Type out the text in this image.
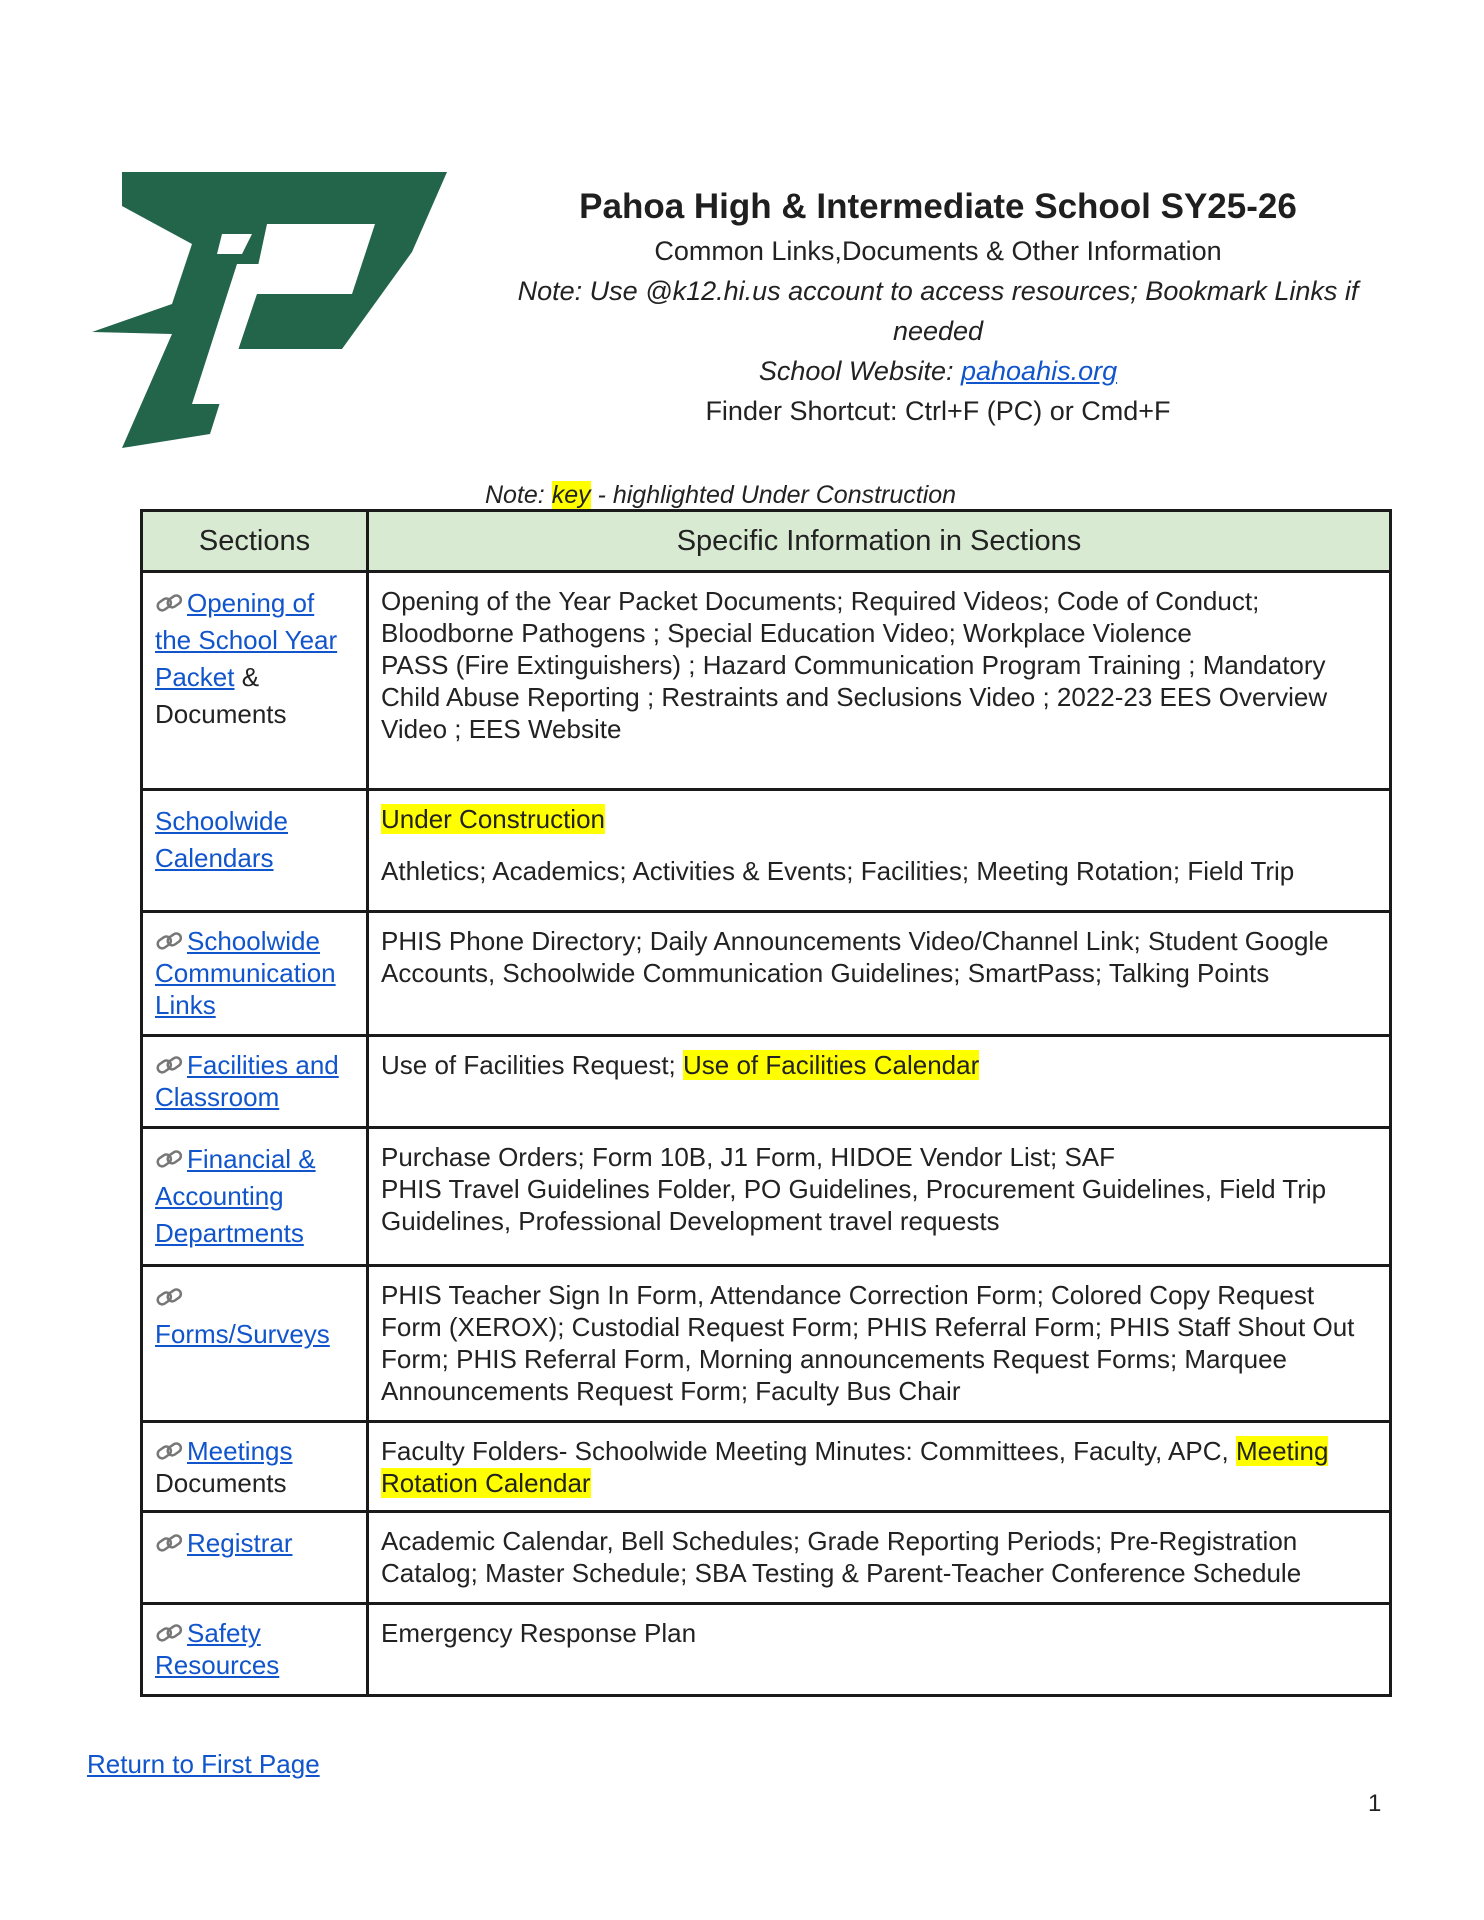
Pahoa High & Intermediate School SY25-26
Common Links,Documents & Other Information
Note: Use @k12.hi.us account to access resources; Bookmark Links if needed
School Website: pahoahis.org
Finder Shortcut: Ctrl+F (PC) or Cmd+F
Note: key - highlighted Under Construction
Sections	Specific Information in Sections
Opening of the School Year Packet & Documents	Opening of the Year Packet Documents; Required Videos; Code of Conduct; Bloodborne Pathogens ; Special Education Video; Workplace Violence
PASS (Fire Extinguishers) ; Hazard Communication Program Training ; Mandatory Child Abuse Reporting ; Restraints and Seclusions Video ; 2022-23 EES Overview Video ; EES Website

Schoolwide Calendars	Under Construction
Athletics; Academics; Activities & Events; Facilities; Meeting Rotation; Field Trip

Schoolwide Communication Links	PHIS Phone Directory; Daily Announcements Video/Channel Link; Student Google Accounts, Schoolwide Communication Guidelines; SmartPass; Talking Points

Facilities and Classroom	Use of Facilities Request; Use of Facilities Calendar
Financial & Accounting Departments	Purchase Orders; Form 10B, J1 Form, HIDOE Vendor List; SAF
PHIS Travel Guidelines Folder, PO Guidelines, Procurement Guidelines, Field Trip Guidelines, Professional Development travel requests

Forms/Surveys	PHIS Teacher Sign In Form, Attendance Correction Form; Colored Copy Request Form (XEROX); Custodial Request Form; PHIS Referral Form; PHIS Staff Shout Out Form; PHIS Referral Form, Morning announcements Request Forms; Marquee Announcements Request Form; Faculty Bus Chair

Meetings
Documents	Faculty Folders- Schoolwide Meeting Minutes: Committees, Faculty, APC, Meeting Rotation Calendar
Registrar	Academic Calendar, Bell Schedules; Grade Reporting Periods; Pre-Registration Catalog; Master Schedule; SBA Testing & Parent-Teacher Conference Schedule

Safety Resources	Emergency Response Plan
Return to First Page
1
